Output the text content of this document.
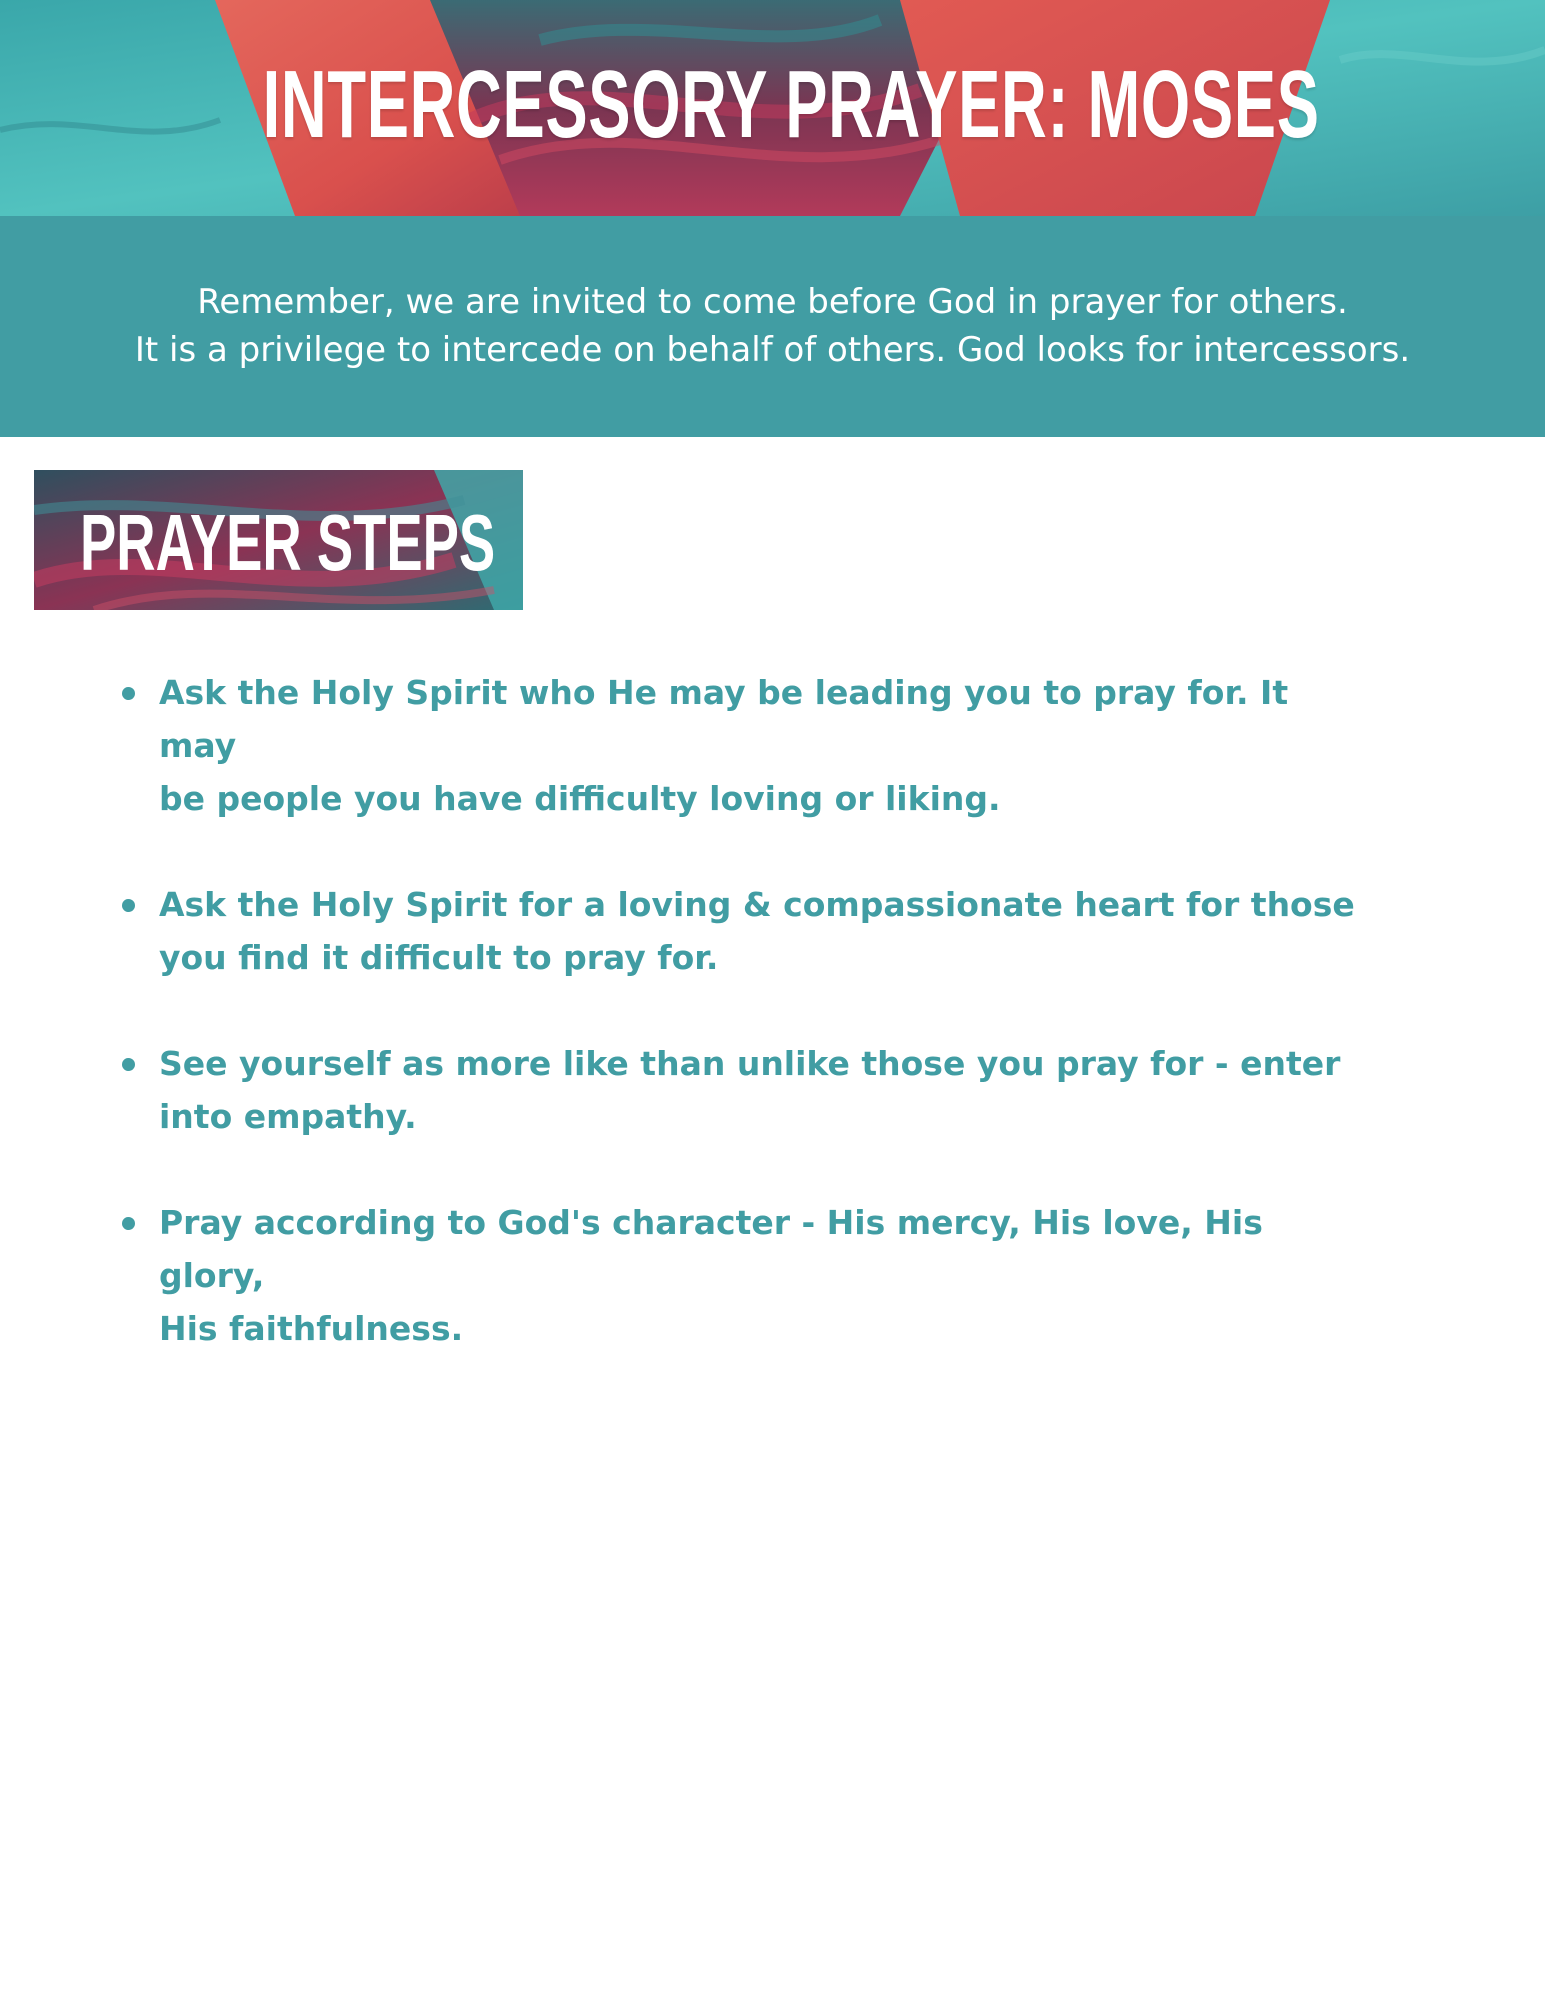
INTERCESSORY PRAYER: MOSES
Remember, we are invited to come before God in prayer for others.
It is a privilege to intercede on behalf of others. God looks for intercessors.
PRAYER STEPS
Ask the Holy Spirit who He may be leading you to pray for. It may
be people you have difficulty loving or liking.
Ask the Holy Spirit for a loving & compassionate heart for those
you find it difficult to pray for.
See yourself as more like than unlike those you pray for - enter
into empathy.
Pray according to God's character - His mercy, His love, His glory,
His faithfulness.
